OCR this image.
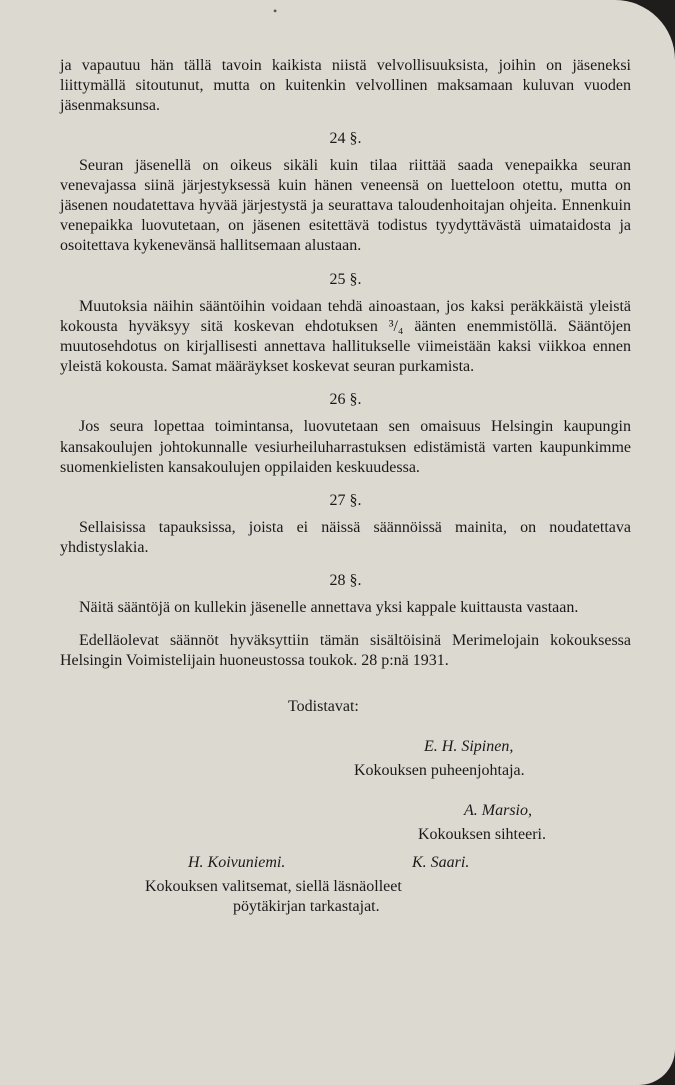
•

ja vapautuu hän tällä tavoin kaikista niistä velvollisuuksista, joihin on jäseneksi liittymällä sitoutunut, mutta on kuitenkin velvollinen maksamaan kuluvan vuoden jäsenmaksunsa.

24 §.

Seuran jäsenellä on oikeus sikäli kuin tilaa riittää saada venepaikka seuran venevajassa siinä järjestyksessä kuin hänen veneensä on luetteloon otettu, mutta on jäsenen noudatettava hyvää järjestystä ja seurattava taloudenhoitajan ohjeita. Ennenkuin venepaikka luovutetaan, on jäsenen esitettävä todistus tyydyttävästä uimataidosta ja osoitettava kykenevänsä hallitsemaan alustaan.

25 §.

Muutoksia näihin sääntöihin voidaan tehdä ainoastaan, jos kaksi peräkkäistä yleistä kokousta hyväksyy sitä koskevan ehdotuksen ³/₄ äänten enemmistöllä. Sääntöjen muutosehdotus on kirjallisesti annettava hallitukselle viimeistään kaksi viikkoa ennen yleistä kokousta. Samat määräykset koskevat seuran purkamista.

26 §.

Jos seura lopettaa toimintansa, luovutetaan sen omaisuus Helsingin kaupungin kansakoulujen johtokunnalle vesiurheiluharrastuksen edistämistä varten kaupunkimme suomenkielisten kansakoulujen oppilaiden keskuudessa.

27 §.

Sellaisissa tapauksissa, joista ei näissä säännöissä mainita, on noudatettava yhdistyslakia.

28 §.

Näitä sääntöjä on kullekin jäsenelle annettava yksi kappale kuittausta vastaan.

Edelläolevat säännöt hyväksyttiin tämän sisältöisinä Merimelojain kokouksessa Helsingin Voimistelijain huoneustossa toukok. 28 p:nä 1931.

Todistavat:
E. H. Sipinen,
Kokouksen puheenjohtaja.
A. Marsio,
Kokouksen sihteeri.
H. Koivuniemi.	K. Saari.
Kokouksen valitsemat, siellä läsnäolleet
pöytäkirjan tarkastajat.
